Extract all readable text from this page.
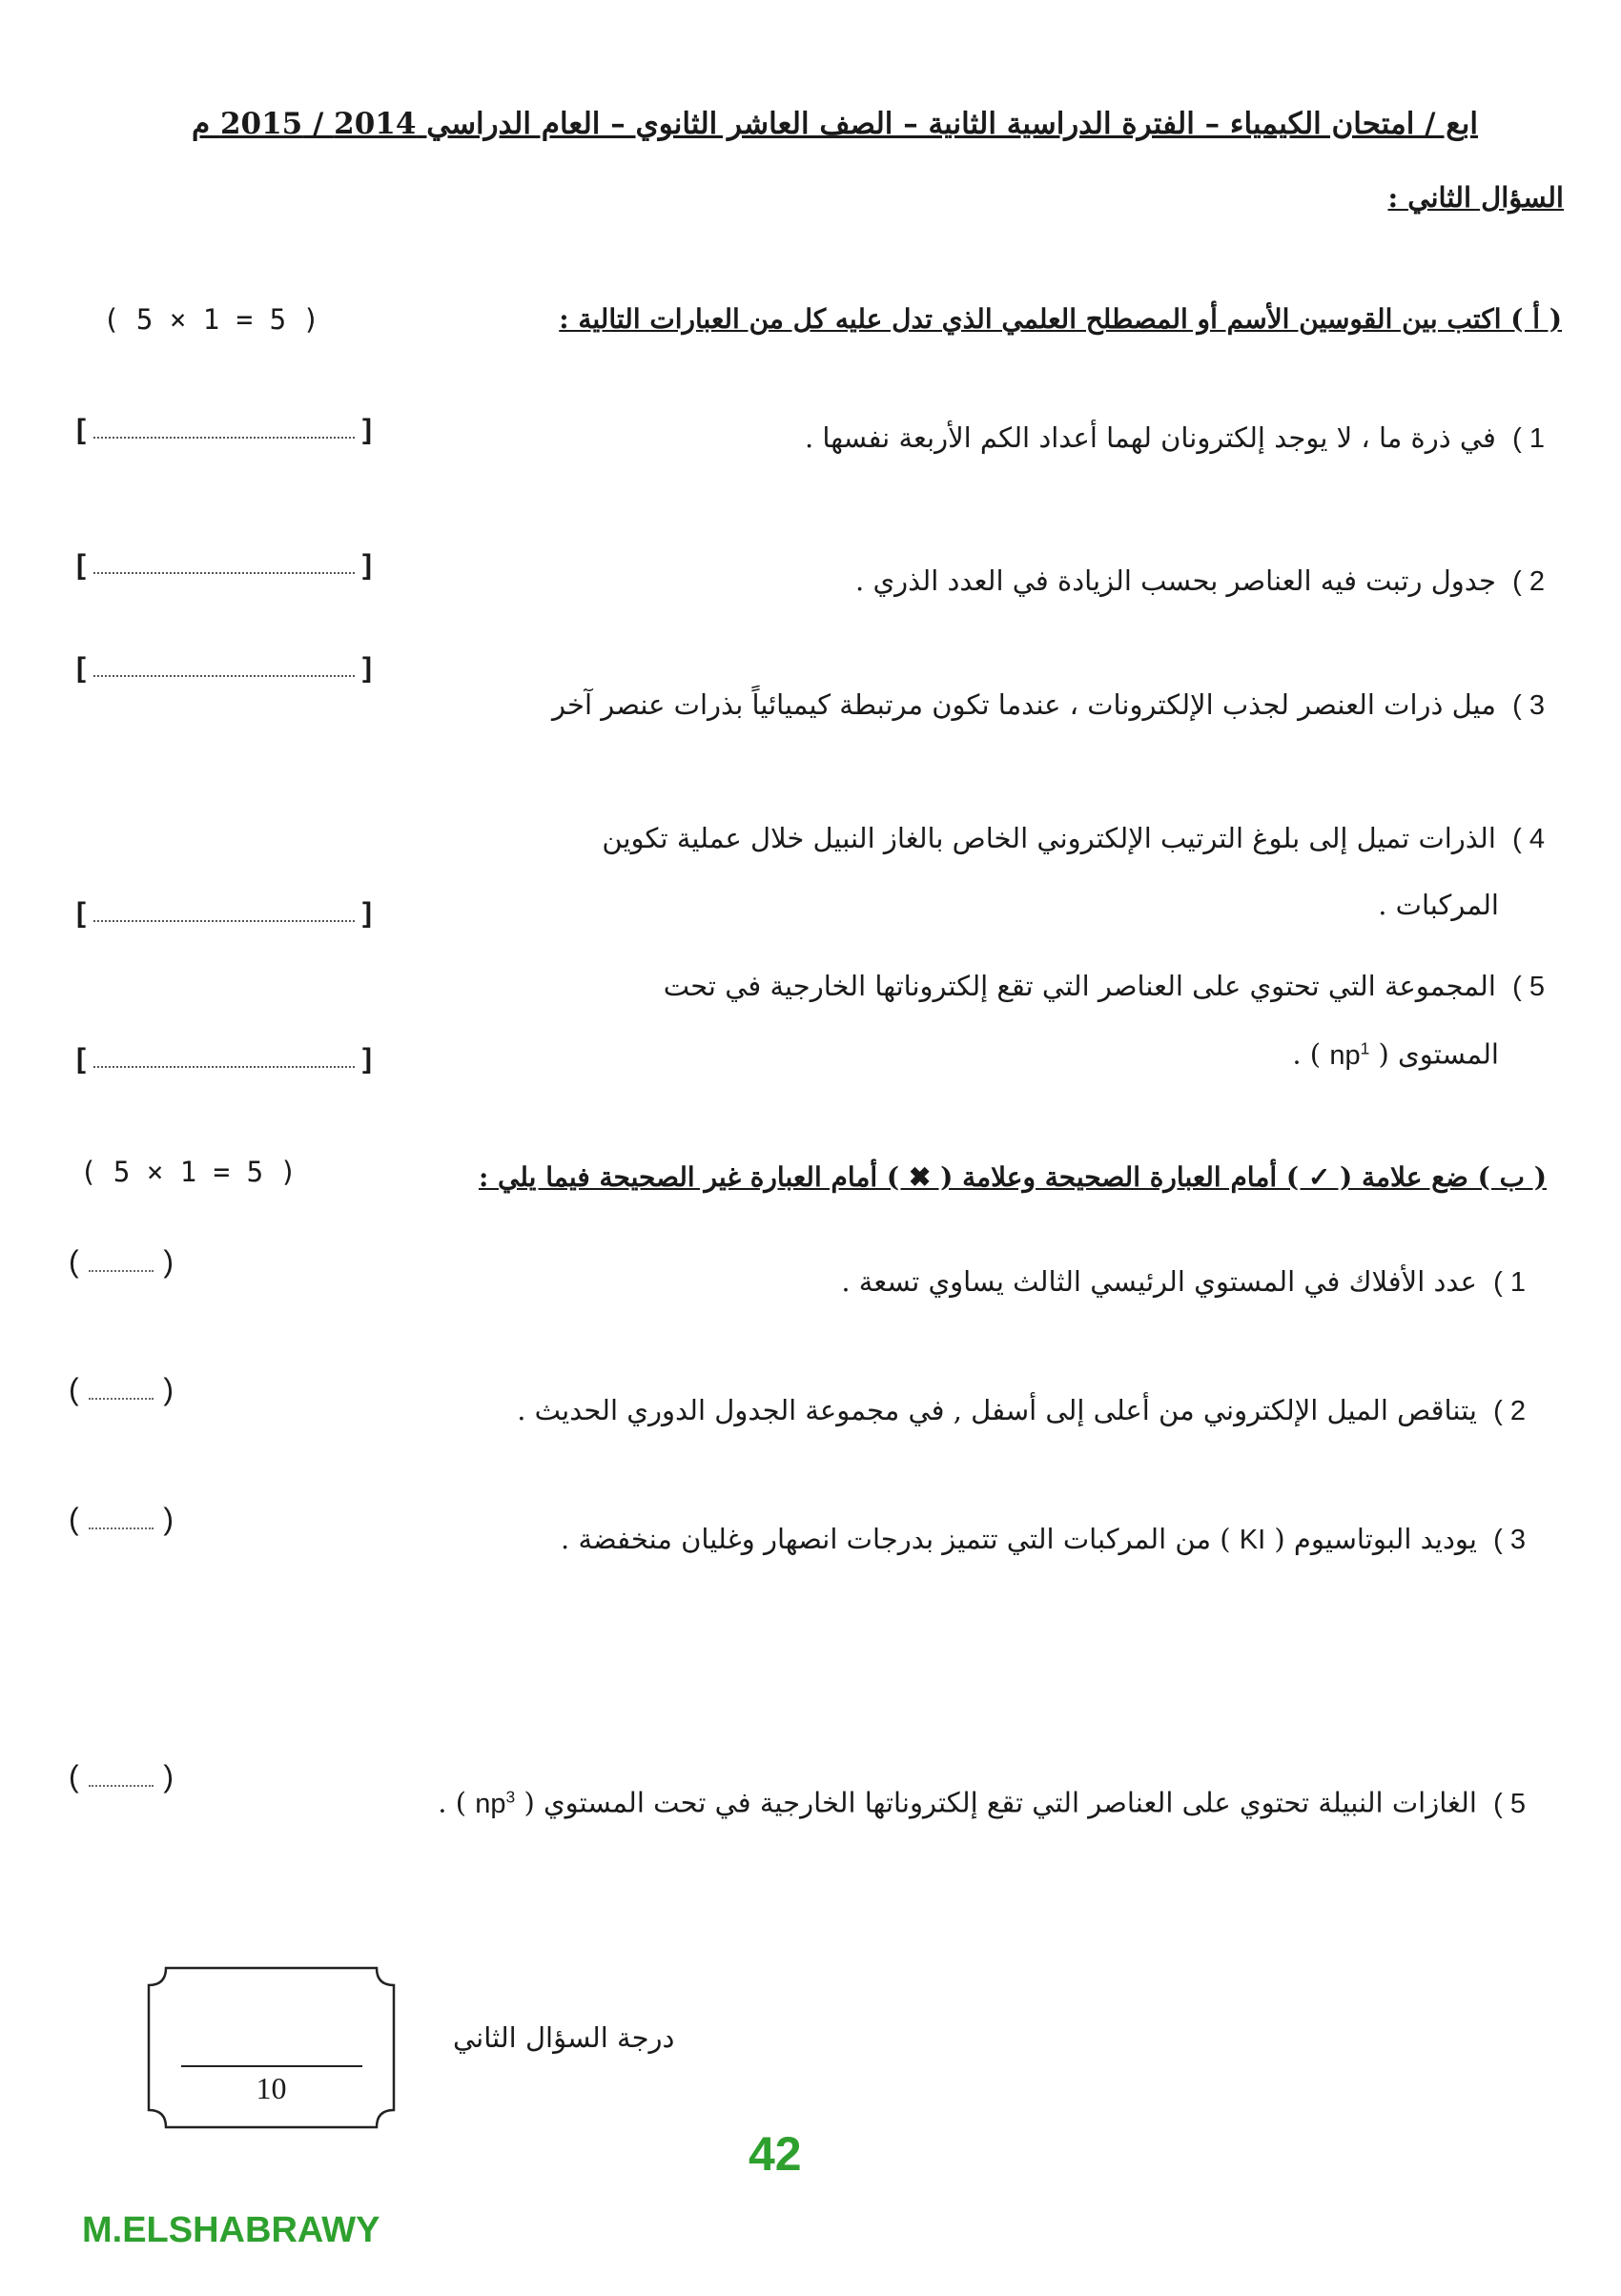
ابع / امتحان الكيمياء – الفترة الدراسية الثانية – الصف العاشر الثانوي – العام الدراسي 2014 / 2015 م
السؤال الثاني :
( أ ) اكتب بين القوسين الأسم أو المصطلح العلمي الذي تدل عليه كل من العبارات التالية :
( 5 × 1 = 5 )
1 ) في ذرة ما ، لا يوجد إلكترونان لهما أعداد الكم الأربعة نفسها .
[	]
2 ) جدول رتبت فيه العناصر بحسب الزيادة في العدد الذري .
[	]
[	]
3 ) ميل ذرات العنصر لجذب الإلكترونات ، عندما تكون مرتبطة كيميائياً بذرات عنصر آخر
4 ) الذرات تميل إلى بلوغ الترتيب الإلكتروني الخاص بالغاز النبيل خلال عملية تكوين
المركبات .
[	]
5 ) المجموعة التي تحتوي على العناصر التي تقع إلكتروناتها الخارجية في تحت
المستوى ( $np^1$ ) .
[	]
( ب ) ضع علامة ( ✓ ) أمام العبارة الصحيحة وعلامة ( ✖ ) أمام العبارة غير الصحيحة فيما يلي :
( 5 × 1 = 5 )
1 ) عدد الأفلاك في المستوي الرئيسي الثالث يساوي تسعة .
(	)
2 ) يتناقص الميل الإلكتروني من أعلى إلى أسفل , في مجموعة الجدول الدوري الحديث .
(	)
3 ) يوديد البوتاسيوم ( KI ) من المركبات التي تتميز بدرجات انصهار وغليان منخفضة .
(	)
5 ) الغازات النبيلة تحتوي على العناصر التي تقع إلكتروناتها الخارجية في تحت المستوي ( $np^3$ ) .
(	)
10
درجة السؤال الثاني
42
M.ELSHABRAWY
